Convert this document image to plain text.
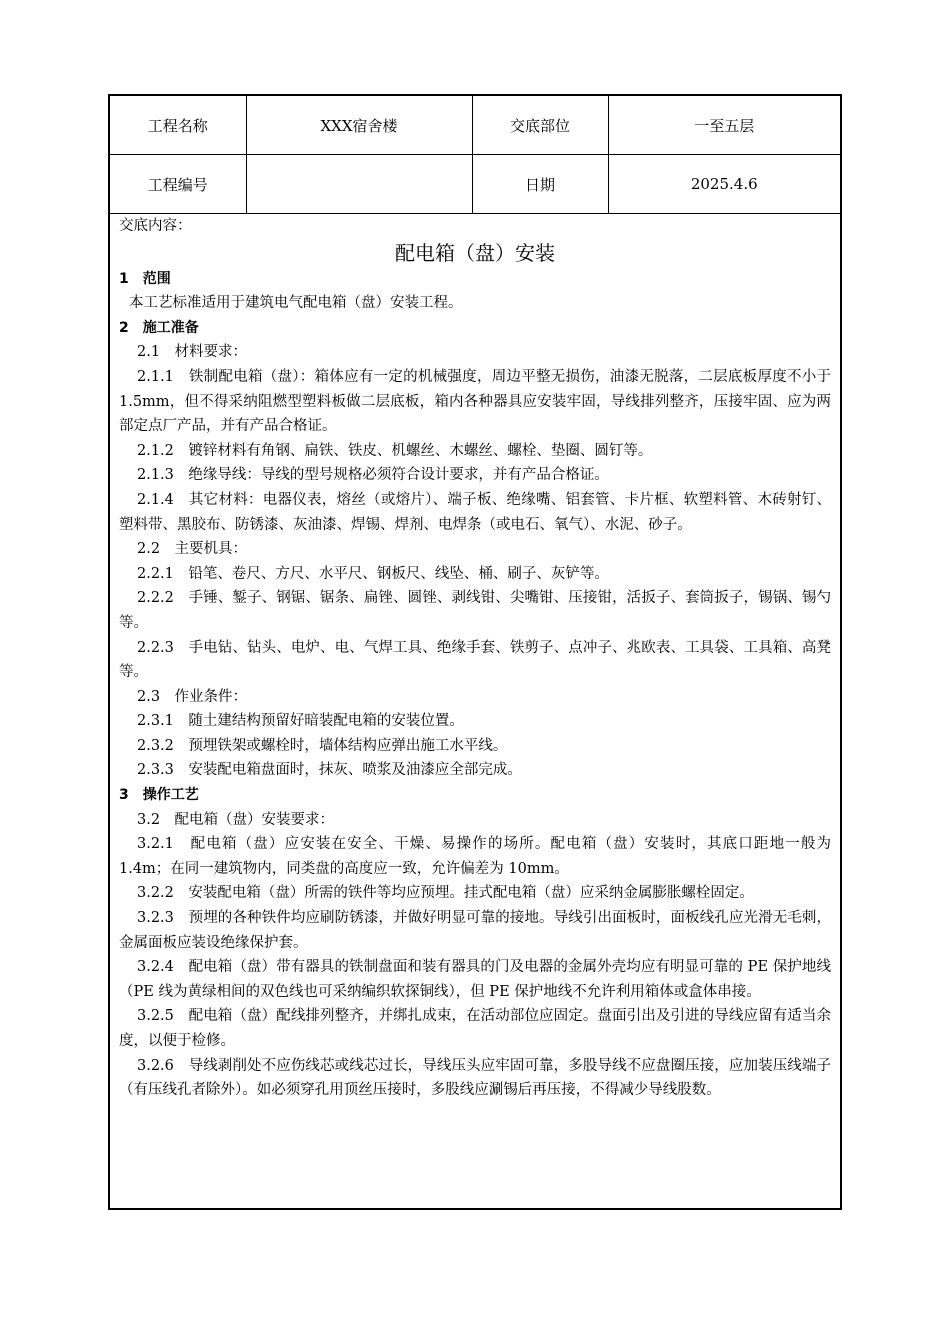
工程名称	XXX宿舍楼	交底部位	一至五层
工程编号		日期	2025.4.6

交底内容：

配电箱（盘）安装

1　范围

本工艺标准适用于建筑电气配电箱（盘）安装工程。

2　施工准备

2.1　材料要求：

2.1.1　铁制配电箱（盘）：箱体应有一定的机械强度，周边平整无损伤，油漆无脱落，二层底板厚度不小于 1.5mm，但不得采纳阻燃型塑料板做二层底板，箱内各种器具应安装牢固，导线排列整齐，压接牢固、应为两部定点厂产品，并有产品合格证。

2.1.2　镀锌材料有角钢、扁铁、铁皮、机螺丝、木螺丝、螺栓、垫圈、圆钉等。

2.1.3　绝缘导线：导线的型号规格必须符合设计要求，并有产品合格证。

2.1.4　其它材料：电器仪表，熔丝（或熔片）、端子板、绝缘嘴、铝套管、卡片框、软塑料管、木砖射钉、塑料带、黑胶布、防锈漆、灰油漆、焊锡、焊剂、电焊条（或电石、氧气）、水泥、砂子。

2.2　主要机具：

2.2.1　铅笔、卷尺、方尺、水平尺、钢板尺、线坠、桶、刷子、灰铲等。

2.2.2　手锤、錾子、钢锯、锯条、扁锉、圆锉、剥线钳、尖嘴钳、压接钳，活扳子、套筒扳子，锡锅、锡勺等。

2.2.3　手电钻、钻头、电炉、电、气焊工具、绝缘手套、铁剪子、点冲子、兆欧表、工具袋、工具箱、高凳等。

2.3　作业条件：

2.3.1　随土建结构预留好暗装配电箱的安装位置。

2.3.2　预埋铁架或螺栓时，墙体结构应弹出施工水平线。

2.3.3　安装配电箱盘面时，抹灰、喷浆及油漆应全部完成。

3　操作工艺

3.2　配电箱（盘）安装要求：

3.2.1　配电箱（盘）应安装在安全、干燥、易操作的场所。配电箱（盘）安装时，其底口距地一般为 1.4m；在同一建筑物内，同类盘的高度应一致，允许偏差为 10mm。

3.2.2　安装配电箱（盘）所需的铁件等均应预埋。挂式配电箱（盘）应采纳金属膨胀螺栓固定。

3.2.3　预埋的各种铁件均应刷防锈漆，并做好明显可靠的接地。导线引出面板时，面板线孔应光滑无毛刺，金属面板应装设绝缘保护套。

3.2.4　配电箱（盘）带有器具的铁制盘面和装有器具的门及电器的金属外壳均应有明显可靠的 PE 保护地线（PE 线为黄绿相间的双色线也可采纳编织软探铜线），但 PE 保护地线不允许利用箱体或盒体串接。

3.2.5　配电箱（盘）配线排列整齐，并绑扎成束，在活动部位应固定。盘面引出及引进的导线应留有适当余度，以便于检修。

3.2.6　导线剥削处不应伤线芯或线芯过长，导线压头应牢固可靠，多股导线不应盘圈压接，应加装压线端子（有压线孔者除外）。如必须穿孔用顶丝压接时，多股线应涮锡后再压接，不得减少导线股数。
